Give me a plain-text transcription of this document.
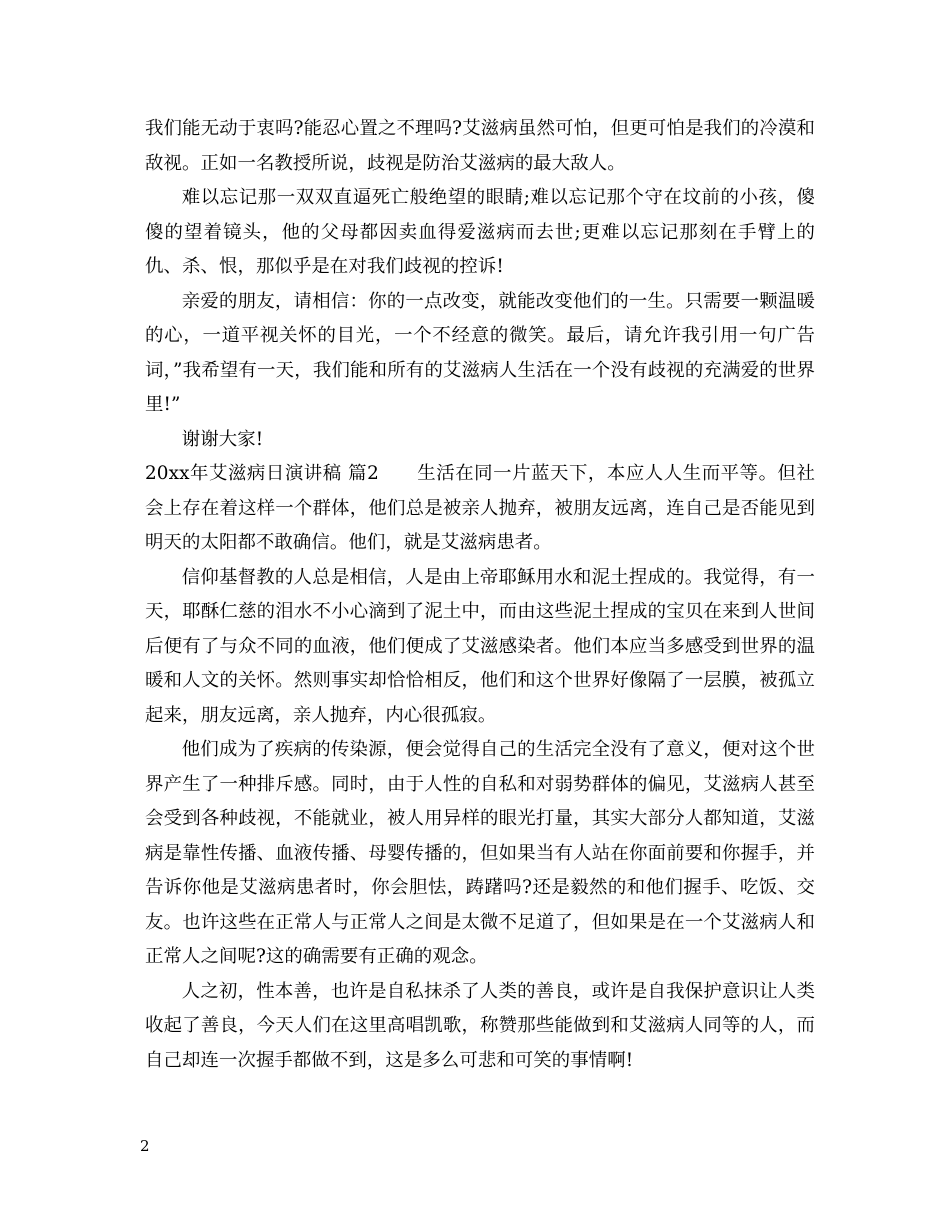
我们能无动于衷吗?能忍心置之不理吗?艾滋病虽然可怕，但更可怕是我们的冷漠和敌视。正如一名教授所说，歧视是防治艾滋病的最大敌人。

难以忘记那一双双直逼死亡般绝望的眼睛;难以忘记那个守在坟前的小孩，傻傻的望着镜头，他的父母都因卖血得爱滋病而去世;更难以忘记那刻在手臂上的仇、杀、恨，那似乎是在对我们歧视的控诉!

亲爱的朋友，请相信：你的一点改变，就能改变他们的一生。只需要一颗温暖的心，一道平视关怀的目光，一个不经意的微笑。最后，请允许我引用一句广告词，”我希望有一天，我们能和所有的艾滋病人生活在一个没有歧视的充满爱的世界里!”

谢谢大家!

20xx年艾滋病日演讲稿 篇2　　生活在同一片蓝天下，本应人人生而平等。但社会上存在着这样一个群体，他们总是被亲人抛弃，被朋友远离，连自己是否能见到明天的太阳都不敢确信。他们，就是艾滋病患者。

信仰基督教的人总是相信，人是由上帝耶稣用水和泥土捏成的。我觉得，有一天，耶酥仁慈的泪水不小心滴到了泥土中，而由这些泥土捏成的宝贝在来到人世间后便有了与众不同的血液，他们便成了艾滋感染者。他们本应当多感受到世界的温暖和人文的关怀。然则事实却恰恰相反，他们和这个世界好像隔了一层膜，被孤立起来，朋友远离，亲人抛弃，内心很孤寂。

他们成为了疾病的传染源，便会觉得自己的生活完全没有了意义，便对这个世界产生了一种排斥感。同时，由于人性的自私和对弱势群体的偏见，艾滋病人甚至会受到各种歧视，不能就业，被人用异样的眼光打量，其实大部分人都知道，艾滋病是靠性传播、血液传播、母婴传播的，但如果当有人站在你面前要和你握手，并告诉你他是艾滋病患者时，你会胆怯，踌躇吗?还是毅然的和他们握手、吃饭、交友。也许这些在正常人与正常人之间是太微不足道了，但如果是在一个艾滋病人和正常人之间呢?这的确需要有正确的观念。

人之初，性本善，也许是自私抹杀了人类的善良，或许是自我保护意识让人类收起了善良，今天人们在这里高唱凯歌，称赞那些能做到和艾滋病人同等的人，而自己却连一次握手都做不到，这是多么可悲和可笑的事情啊!

2
